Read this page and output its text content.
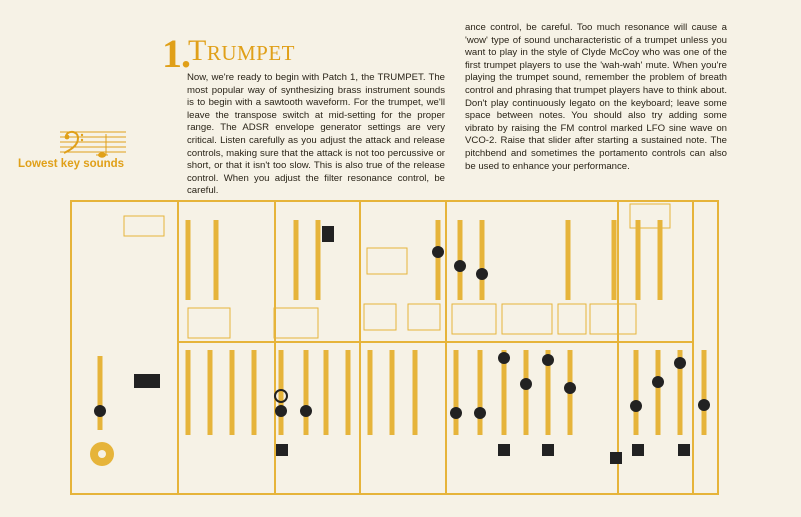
1.
Trumpet
Now, we're ready to begin with Patch 1, the TRUMPET. The most popular way of synthesizing brass instrument sounds is to begin with a sawtooth waveform. For the trumpet, we'll leave the transpose switch at mid-setting for the proper range. The ADSR envelope generator settings are very critical. Listen carefully as you adjust the attack and release controls, making sure that the attack is not too percussive or short, or that it isn't too slow. This is also true of the release control. When you adjust the filter resonance control, be careful.
ance control, be careful. Too much resonance will cause a 'wow' type of sound uncharacteristic of a trumpet unless you want to play in the style of Clyde McCoy who was one of the first trumpet players to use the 'wah-wah' mute. When you're playing the trumpet sound, remember the problem of breath control and phrasing that trumpet players have to think about. Don't play continuously legato on the keyboard; leave some space between notes. You should also try adding some vibrato by raising the FM control marked LFO sine wave on VCO-2. Raise that slider after starting a sustained note. The pitchbend and sometimes the portamento controls can also be used to enhance your performance.
Lowest key sounds
